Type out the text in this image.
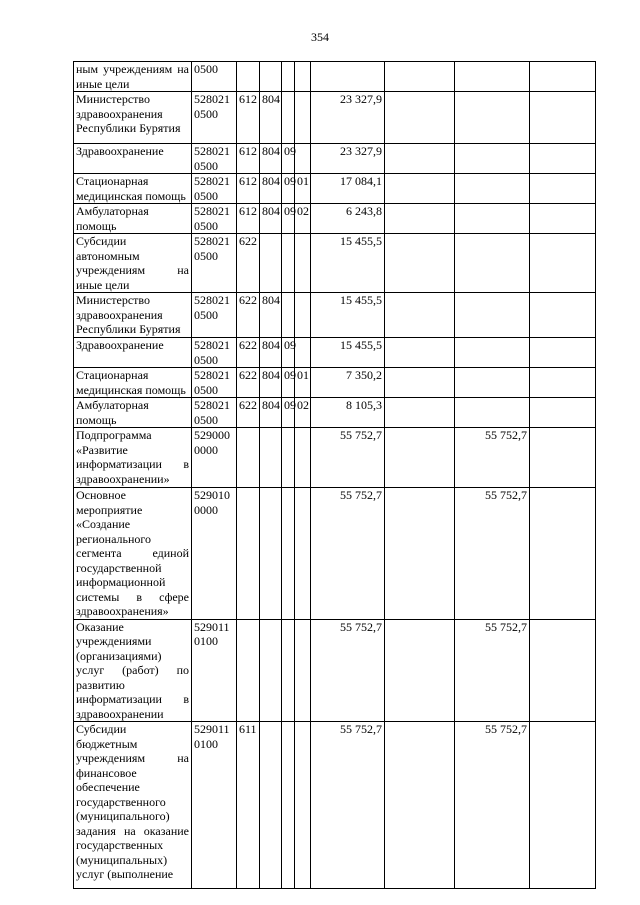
354
ным учреждениям на иные цели	0500								
Министерство здравоохранения Республики Бурятия	528021 0500	612	804			23 327,9			
Здравоохранение	528021 0500	612	804	09		23 327,9			
Стационарная медицинская помощь	528021 0500	612	804	09	01	17 084,1			
Амбулаторная помощь	528021 0500	612	804	09	02	6 243,8			
Субсидии автономным учреждениям на иные цели	528021 0500	622				15 455,5			
Министерство здравоохранения Республики Бурятия	528021 0500	622	804			15 455,5			
Здравоохранение	528021 0500	622	804	09		15 455,5			
Стационарная медицинская помощь	528021 0500	622	804	09	01	7 350,2			
Амбулаторная помощь	528021 0500	622	804	09	02	8 105,3			
Подпрограмма «Развитие информатизации в здравоохранении»	529000 0000					55 752,7		55 752,7	
Основное мероприятие «Создание регионального сегмента единой государственной информационной системы в сфере здравоохранения»	529010 0000					55 752,7		55 752,7	
Оказание учреждениями (организациями) услуг (работ) по развитию информатизации в здравоохранении	529011 0100					55 752,7		55 752,7	
Субсидии бюджетным учреждениям на финансовое обеспечение государственного (муниципального) задания на оказание государственных (муниципальных) услуг (выполнение	529011 0100	611				55 752,7		55 752,7	
